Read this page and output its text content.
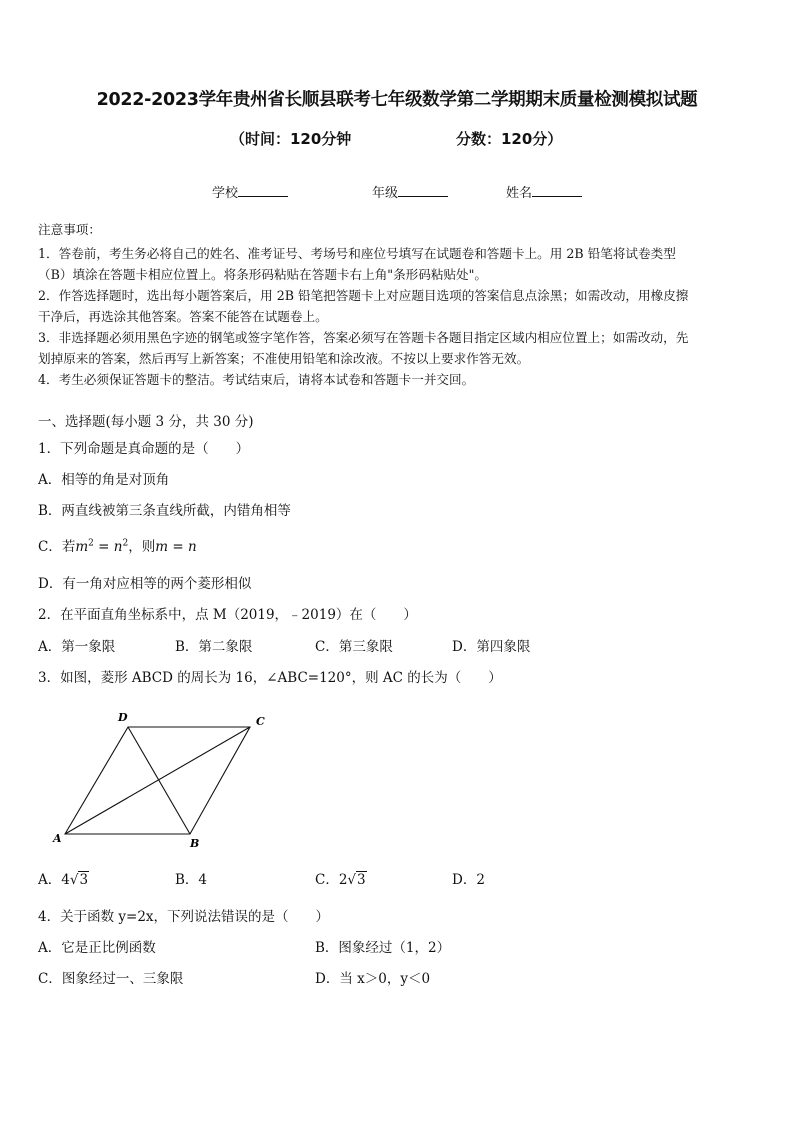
2022-2023学年贵州省长顺县联考七年级数学第二学期期末质量检测模拟试题
（时间：120分钟	分数：120分）
学校	年级	姓名
注意事项：
1．答卷前，考生务必将自己的姓名、准考证号、考场号和座位号填写在试题卷和答题卡上。用 2B 铅笔将试卷类型
（B）填涂在答题卡相应位置上。将条形码粘贴在答题卡右上角"条形码粘贴处"。
2．作答选择题时，选出每小题答案后，用 2B 铅笔把答题卡上对应题目选项的答案信息点涂黑；如需改动，用橡皮擦
干净后，再选涂其他答案。答案不能答在试题卷上。
3．非选择题必须用黑色字迹的钢笔或签字笔作答，答案必须写在答题卡各题目指定区域内相应位置上；如需改动，先
划掉原来的答案，然后再写上新答案；不准使用铅笔和涂改液。不按以上要求作答无效。
4．考生必须保证答题卡的整洁。考试结束后，请将本试卷和答题卡一并交回。
一、选择题(每小题 3 分，共 30 分)
1．下列命题是真命题的是（　　）
A．相等的角是对顶角
B．两直线被第三条直线所截，内错角相等
C．若$m^2 = n^2$，则m = n
D．有一角对应相等的两个菱形相似
2．在平面直角坐标系中，点 M（2019，﹣2019）在（　　）
A．第一象限	B．第二象限	C．第三象限	D．第四象限
3．如图，菱形 ABCD 的周长为 16，∠ABC=120°，则 AC 的长为（　　）
D	C
A	B
A．4√3	B．4	C．2√3	D．2
4．关于函数 y=2x，下列说法错误的是（　　）
A．它是正比例函数	B．图象经过（1，2）
C．图象经过一、三象限	D．当 x＞0，y＜0
